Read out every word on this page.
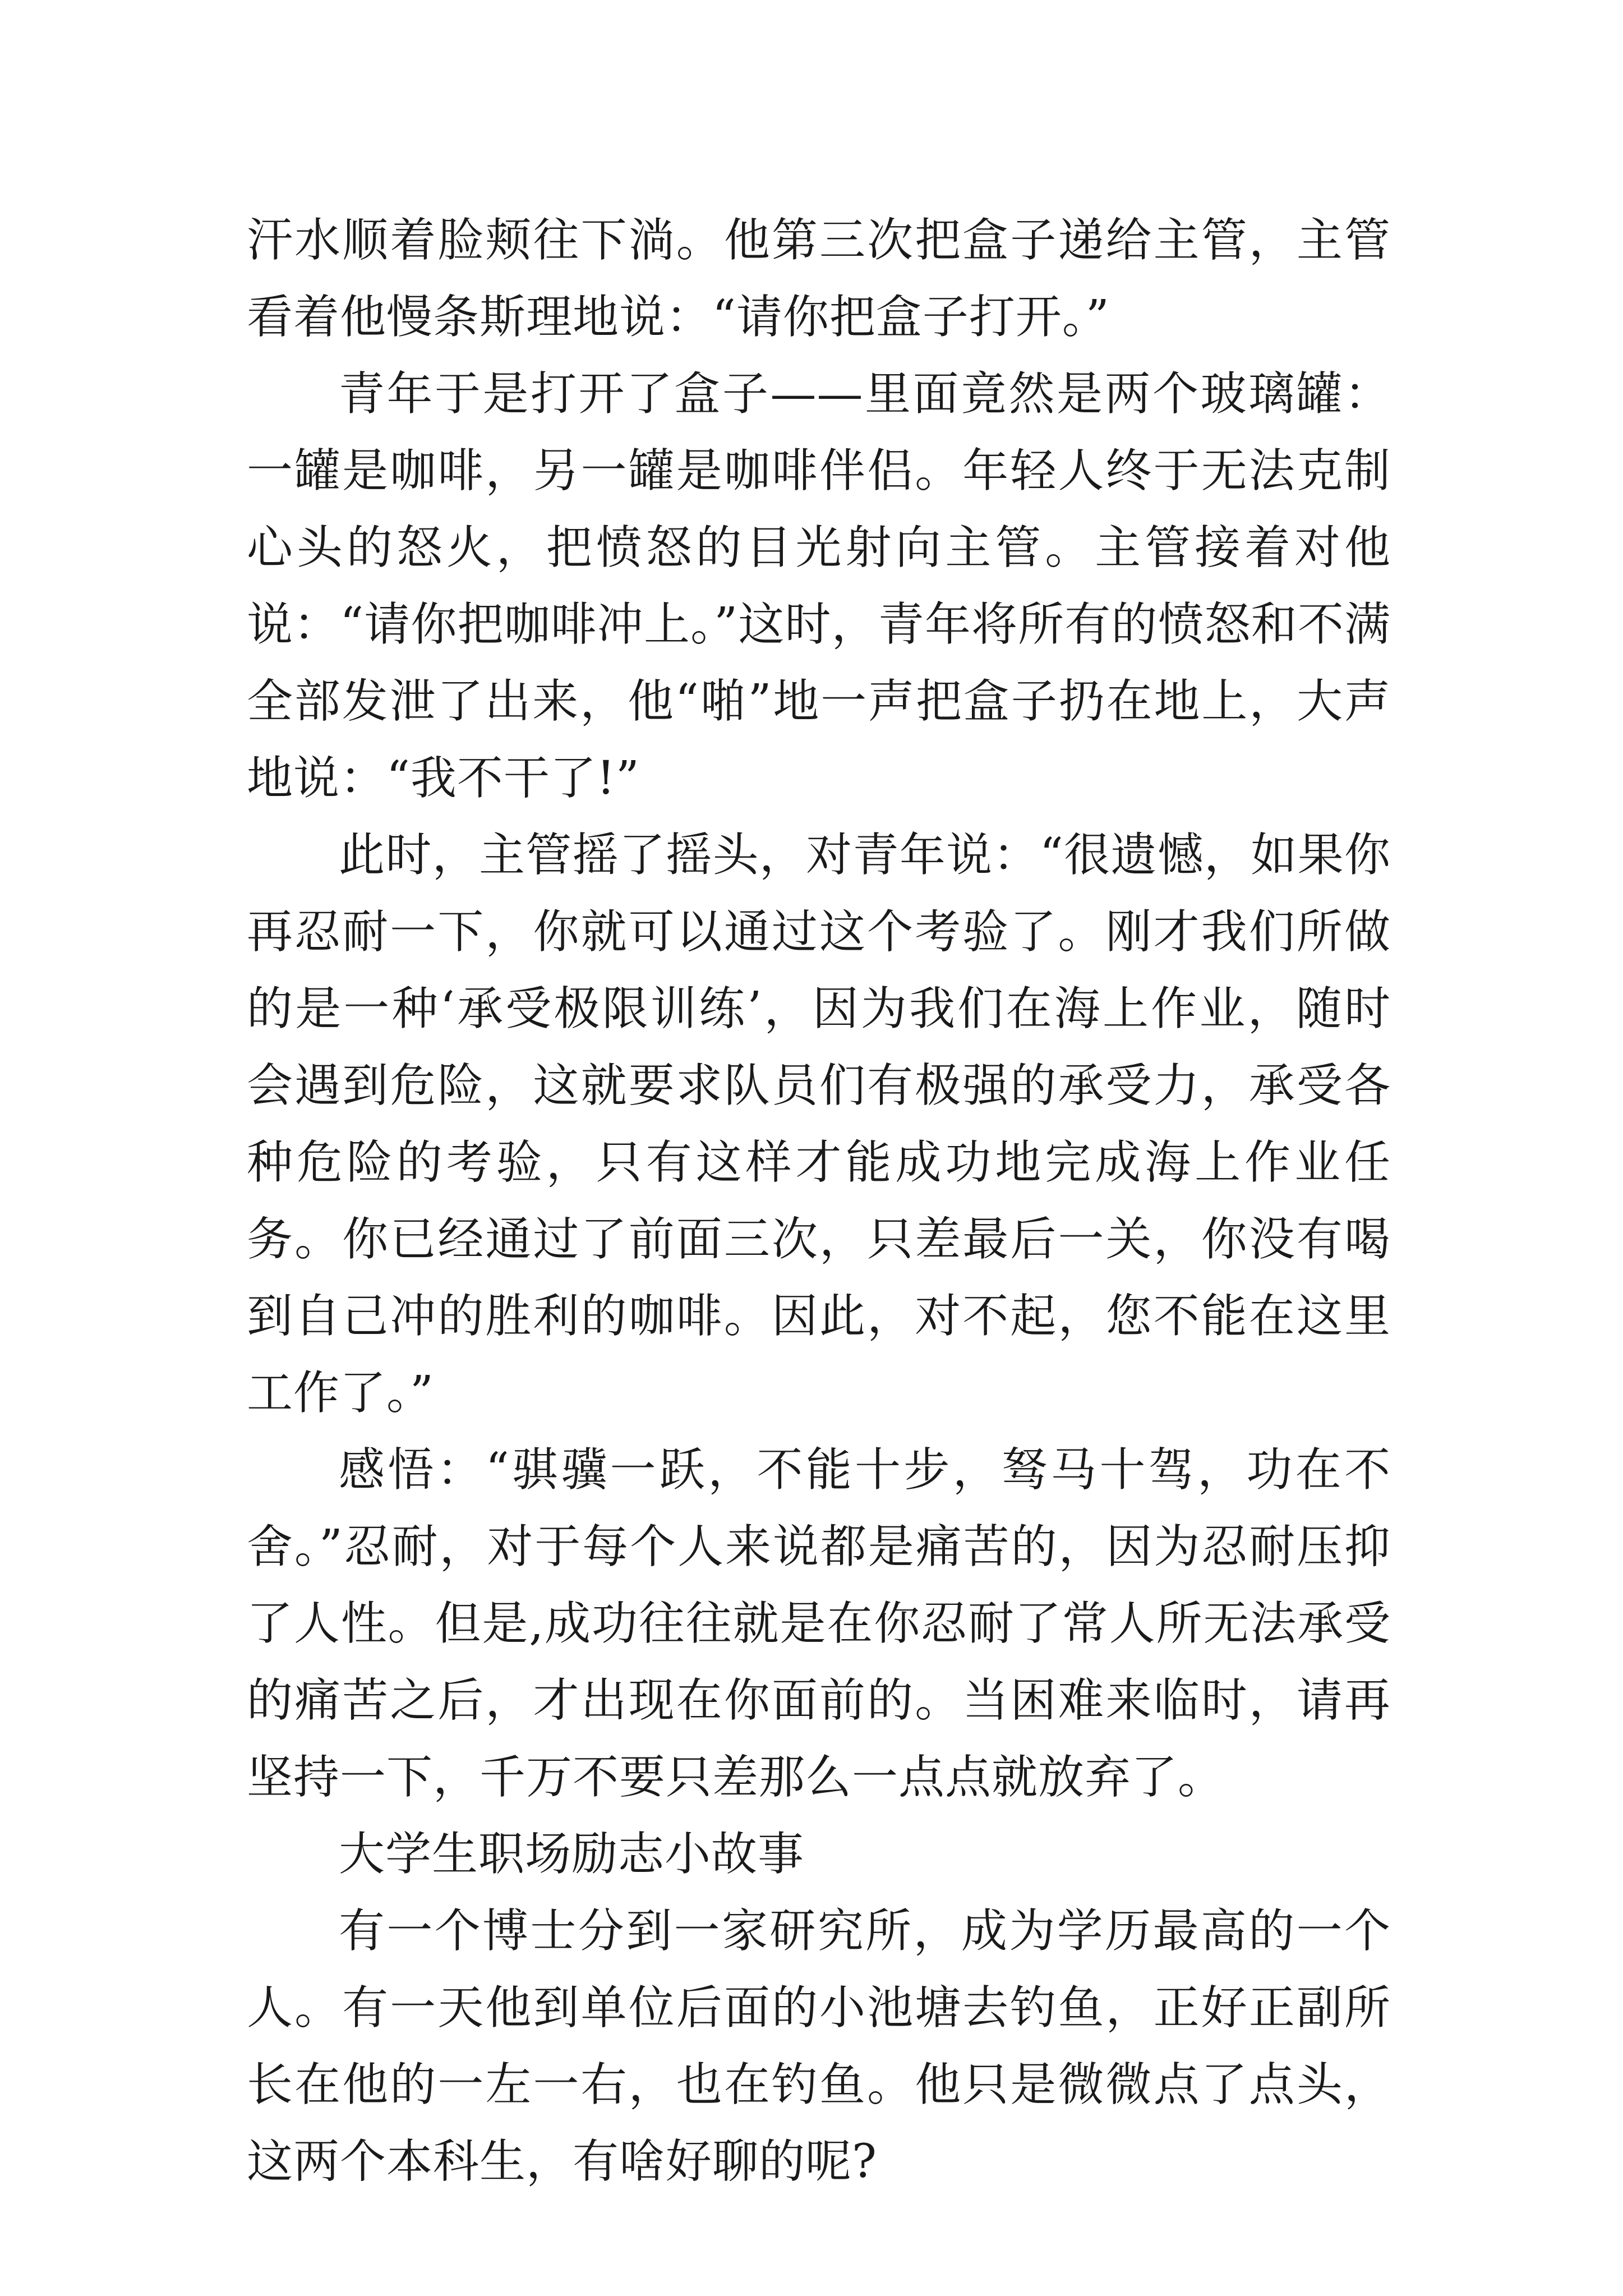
汗水顺着脸颊往下淌。他第三次把盒子递给主管，主管看着他慢条斯理地说：“请你把盒子打开。”

青年于是打开了盒子——里面竟然是两个玻璃罐：一罐是咖啡，另一罐是咖啡伴侣。年轻人终于无法克制心头的怒火，把愤怒的目光射向主管。主管接着对他说：“请你把咖啡冲上。”这时，青年将所有的愤怒和不满全部发泄了出来，他“啪”地一声把盒子扔在地上，大声地说：“我不干了!”

此时，主管摇了摇头，对青年说：“很遗憾，如果你再忍耐一下，你就可以通过这个考验了。刚才我们所做的是一种‘承受极限训练’，因为我们在海上作业，随时会遇到危险，这就要求队员们有极强的承受力，承受各种危险的考验，只有这样才能成功地完成海上作业任务。你已经通过了前面三次，只差最后一关，你没有喝到自己冲的胜利的咖啡。因此，对不起，您不能在这里工作了。”

感悟：“骐骥一跃，不能十步，驽马十驾，功在不舍。”忍耐，对于每个人来说都是痛苦的，因为忍耐压抑了人性。但是,成功往往就是在你忍耐了常人所无法承受的痛苦之后，才出现在你面前的。当困难来临时，请再坚持一下，千万不要只差那么一点点就放弃了。

大学生职场励志小故事

有一个博士分到一家研究所，成为学历最高的一个人。有一天他到单位后面的小池塘去钓鱼，正好正副所长在他的一左一右，也在钓鱼。他只是微微点了点头，这两个本科生，有啥好聊的呢?
